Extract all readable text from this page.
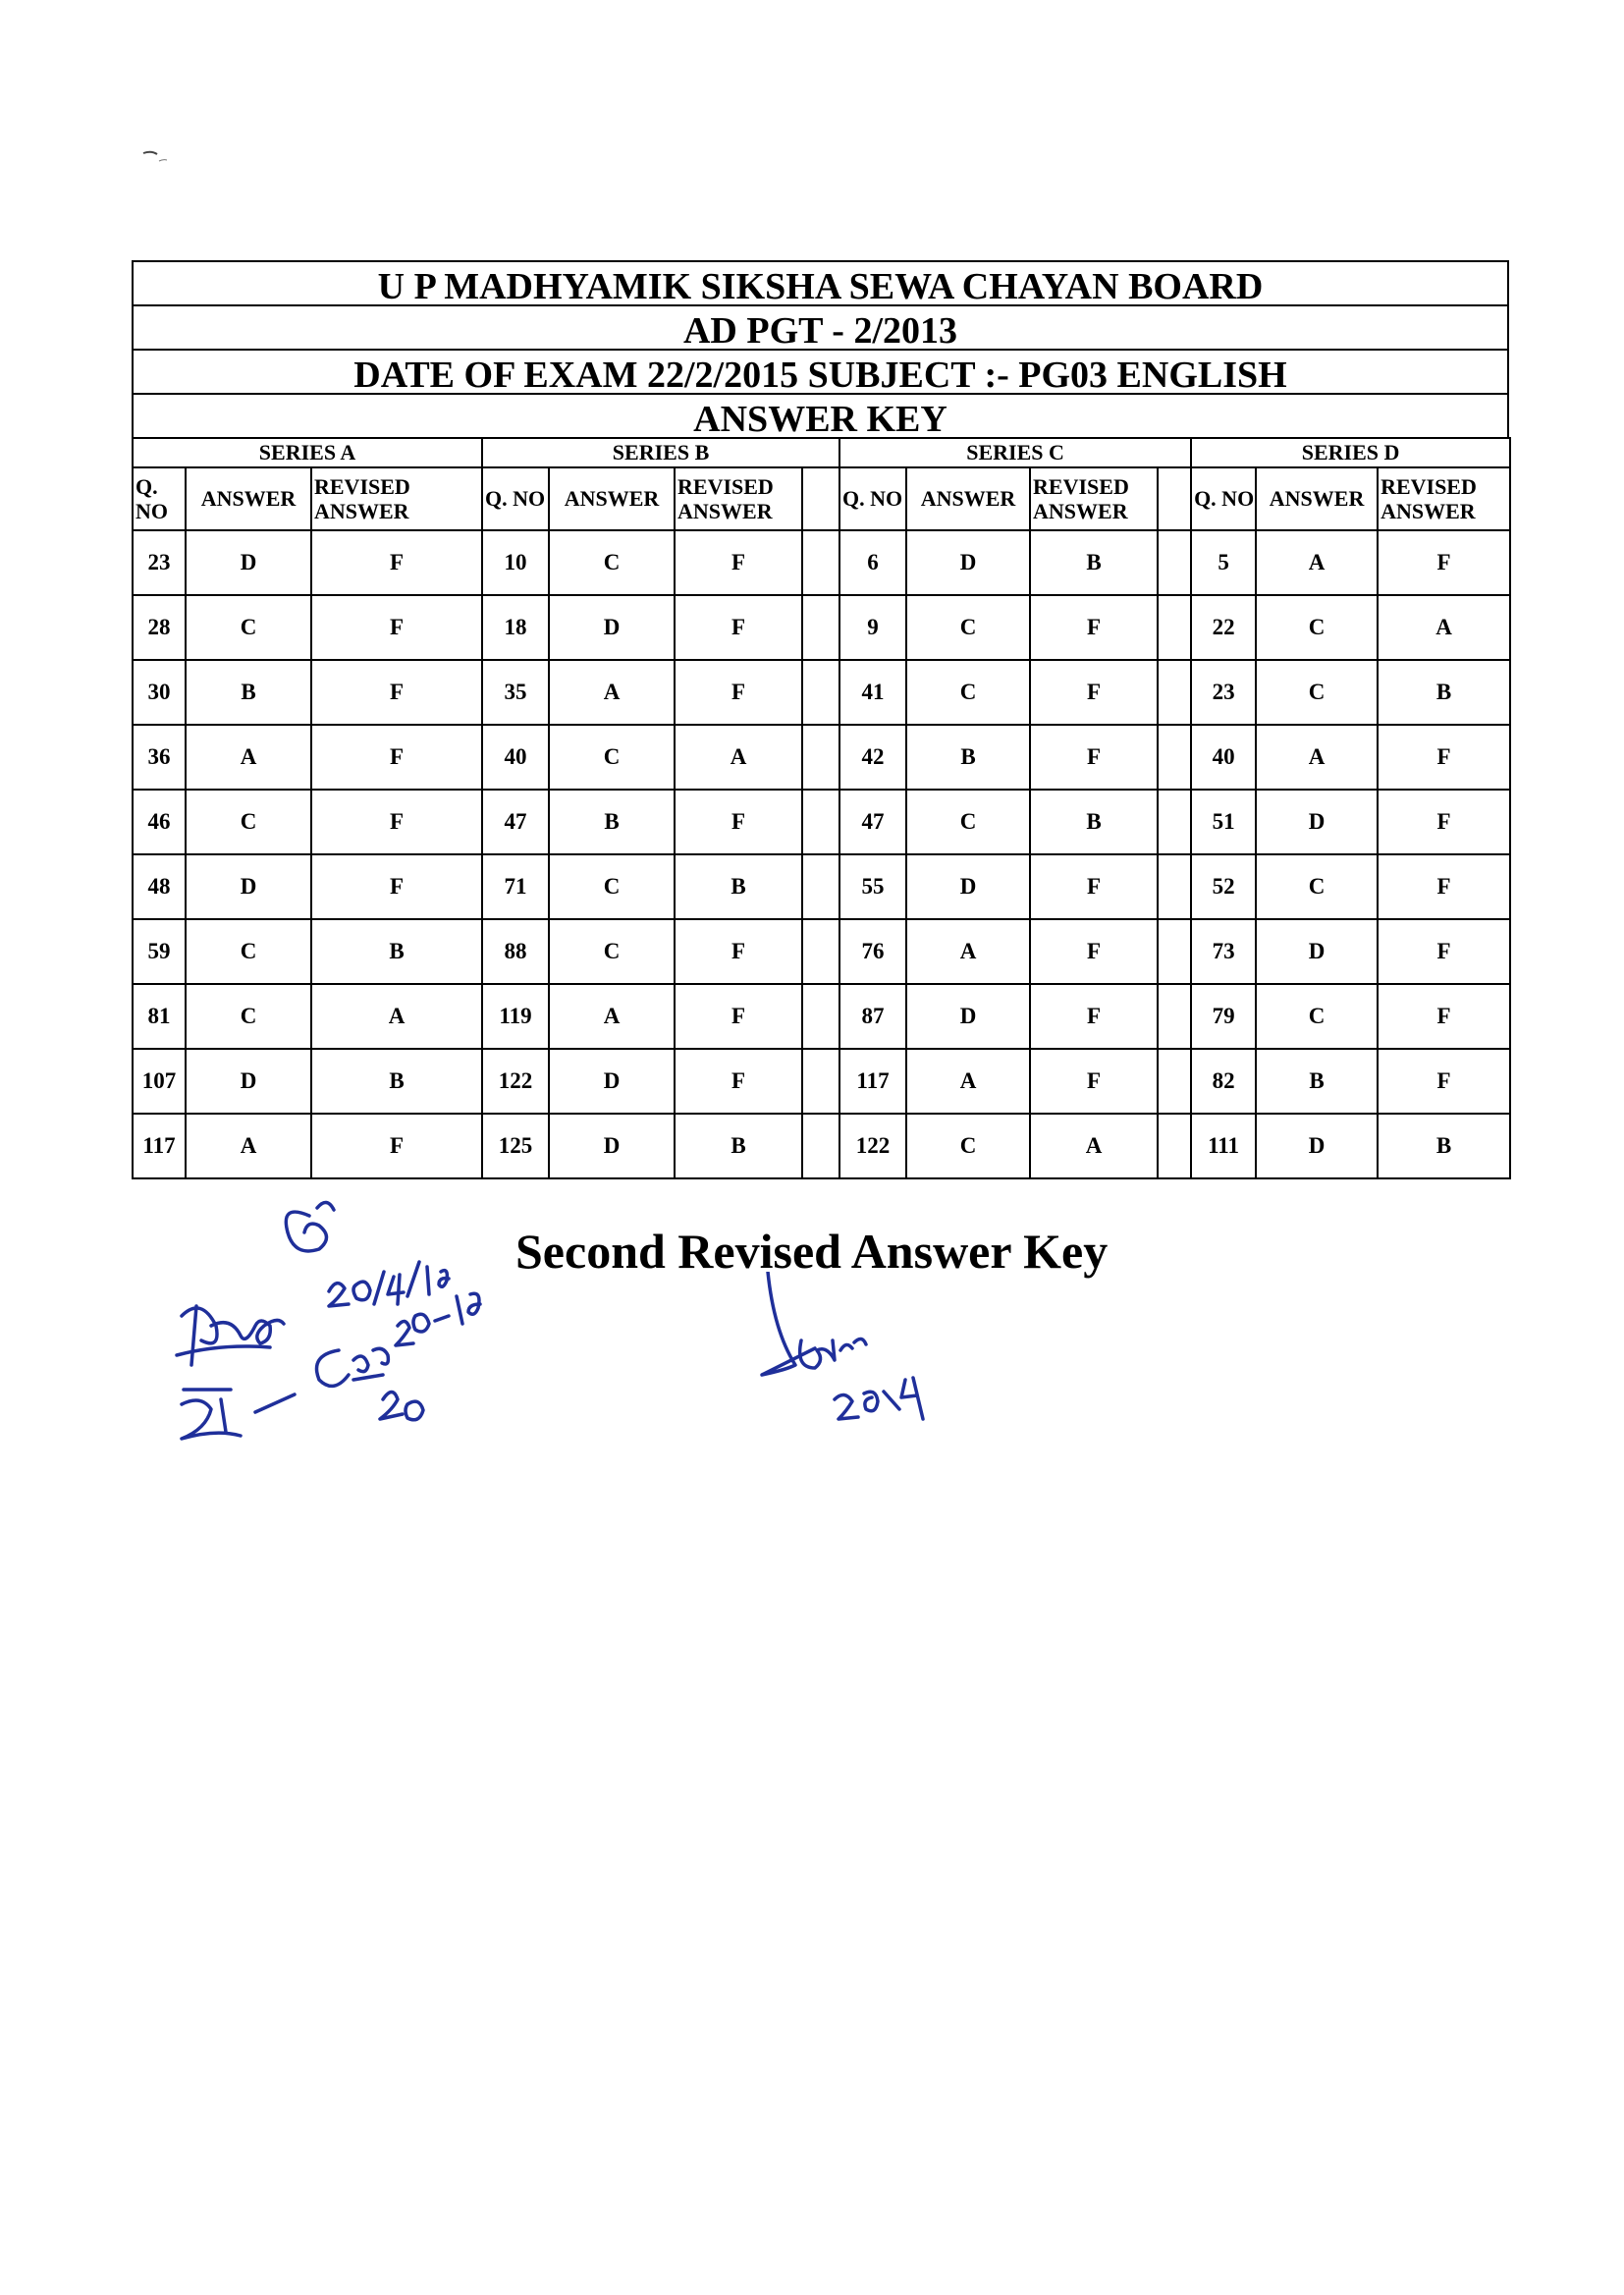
U P MADHYAMIK SIKSHA SEWA CHAYAN BOARD
AD PGT - 2/2013
DATE OF EXAM 22/2/2015 SUBJECT :- PG03 ENGLISH
ANSWER KEY
SERIES A			SERIES B				SERIES C				SERIES D		
Q. NO	ANSWER	REVISED ANSWER		Q. NO	ANSWER	REVISED ANSWER		Q. NO	ANSWER	REVISED ANSWER		Q. NO	ANSWER	REVISED ANSWER
23	D	F		10	C	F		6	D	B		5	A	F
28	C	F		18	D	F		9	C	F		22	C	A
30	B	F		35	A	F		41	C	F		23	C	B
36	A	F		40	C	A		42	B	F		40	A	F
46	C	F		47	B	F		47	C	B		51	D	F
48	D	F		71	C	B		55	D	F		52	C	F
59	C	B		88	C	F		76	A	F		73	D	F
81	C	A		119	A	F		87	D	F		79	C	F
107	D	B		122	D	F		117	A	F		82	B	F
117	A	F		125	D	B		122	C	A		111	D	B
Second Revised Answer Key
